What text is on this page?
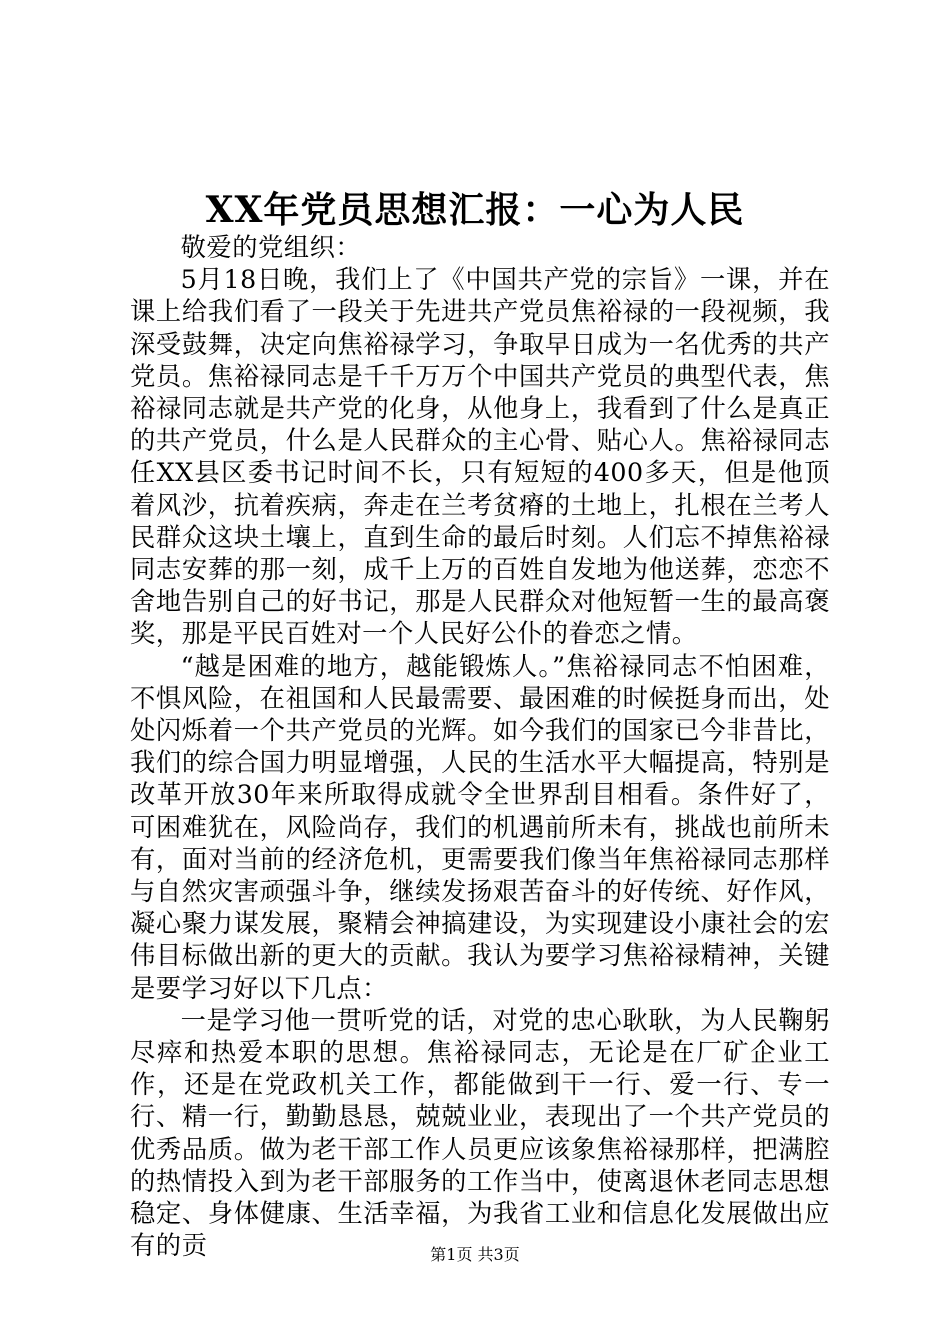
XX年党员思想汇报：一心为人民

敬爱的党组织：

5月18日晚，我们上了《中国共产党的宗旨》一课，并在课上给我们看了一段关于先进共产党员焦裕禄的一段视频，我深受鼓舞，决定向焦裕禄学习，争取早日成为一名优秀的共产党员。焦裕禄同志是千千万万个中国共产党员的典型代表，焦裕禄同志就是共产党的化身，从他身上，我看到了什么是真正的共产党员，什么是人民群众的主心骨、贴心人。焦裕禄同志任XX县区委书记时间不长，只有短短的400多天，但是他顶着风沙，抗着疾病，奔走在兰考贫瘠的土地上，扎根在兰考人民群众这块土壤上，直到生命的最后时刻。人们忘不掉焦裕禄同志安葬的那一刻，成千上万的百姓自发地为他送葬，恋恋不舍地告别自己的好书记，那是人民群众对他短暂一生的最高褒奖，那是平民百姓对一个人民好公仆的眷恋之情。

“越是困难的地方，越能锻炼人。”焦裕禄同志不怕困难，不惧风险，在祖国和人民最需要、最困难的时候挺身而出，处处闪烁着一个共产党员的光辉。如今我们的国家已今非昔比，我们的综合国力明显增强，人民的生活水平大幅提高，特别是改革开放30年来所取得成就令全世界刮目相看。条件好了，可困难犹在，风险尚存，我们的机遇前所未有，挑战也前所未有，面对当前的经济危机，更需要我们像当年焦裕禄同志那样与自然灾害顽强斗争，继续发扬艰苦奋斗的好传统、好作风，凝心聚力谋发展，聚精会神搞建设，为实现建设小康社会的宏伟目标做出新的更大的贡献。我认为要学习焦裕禄精神，关键是要学习好以下几点：

一是学习他一贯听党的话，对党的忠心耿耿，为人民鞠躬尽瘁和热爱本职的思想。焦裕禄同志，无论是在厂矿企业工作，还是在党政机关工作，都能做到干一行、爱一行、专一行、精一行，勤勤恳恳，兢兢业业，表现出了一个共产党员的优秀品质。做为老干部工作人员更应该象焦裕禄那样，把满腔的热情投入到为老干部服务的工作当中，使离退休老同志思想稳定、身体健康、生活幸福，为我省工业和信息化发展做出应有的贡	第1页 共3页
